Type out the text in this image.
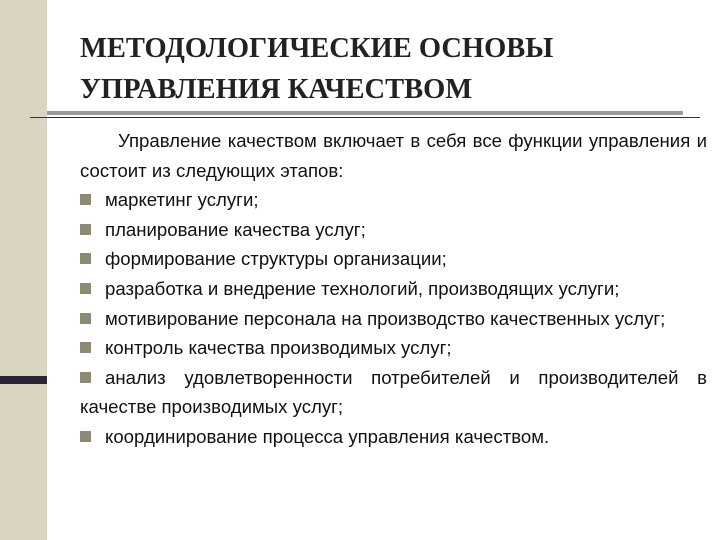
МЕТОДОЛОГИЧЕСКИЕ ОСНОВЫ
УПРАВЛЕНИЯ КАЧЕСТВОМ

Управление качеством включает в себя все функции управления и состоит из следующих этапов:

маркетинг услуги;
планирование качества услуг;
формирование структуры организации;
разработка и внедрение технологий, производящих услуги;
мотивирование персонала на производство качественных услуг;
контроль качества производимых услуг;
анализ удовлетворенности потребителей и производителей в качестве производимых услуг;
координирование процесса управления качеством.
